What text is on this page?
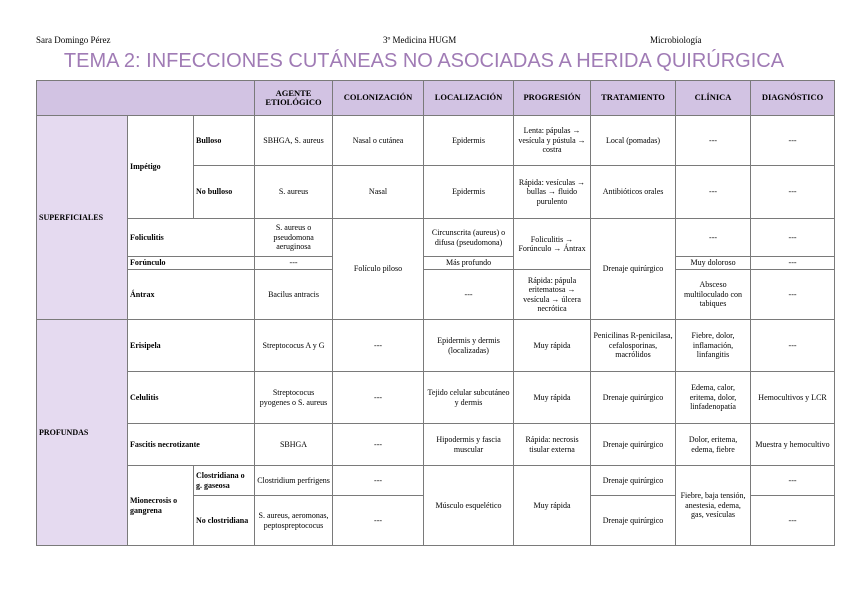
Sara Domingo Pérez	3º Medicina HUGM	Microbiología
TEMA 2: INFECCIONES CUTÁNEAS NO ASOCIADAS A HERIDA QUIRÚRGICA
			AGENTE ETIOLÓGICO	COLONIZACIÓN	LOCALIZACIÓN	PROGRESIÓN	TRATAMIENTO	CLÍNICA	DIAGNÓSTICO
SUPERFICIALES	Impétigo	Bulloso	SBHGA, S. aureus	Nasal o cutánea	Epidermis	Lenta: pápulas → vesícula y pústula → costra	Local (pomadas)	---	---
		No bulloso	S. aureus	Nasal	Epidermis	Rápida: vesículas → bullas → fluido purulento	Antibióticos orales	---	---
	Foliculitis		S. aureus o pseudomona aeruginosa	Folículo piloso	Circunscrita (aureus) o difusa (pseudomona)	Foliculitis → Forúnculo → Ántrax	Drenaje quirúrgico	---	---

	Forúnculo		---		Más profundo			Muy doloroso	---
	Ántrax		Bacilus antracis		---	Rápida: pápula eritematosa → vesícula → úlcera necrótica		Absceso multiloculado con tabiques	---
PROFUNDAS	Erisipela		Streptococus A y G	---	Epidermis y dermis (localizadas)	Muy rápida	Penicilinas R-penicilasa, cefalosporinas, macrólidos	Fiebre, dolor, inflamación, linfangitis	---
	Celulitis		Streptococus pyogenes o S. aureus	---	Tejido celular subcutáneo y dermis	Muy rápida	Drenaje quirúrgico	Edema, calor, eritema, dolor, linfadenopatía	Hemocultivos y LCR
	Fascitis necrotizante		SBHGA	---	Hipodermis y fascia muscular	Rápida: necrosis tisular externa	Drenaje quirúrgico	Dolor, eritema, edema, fiebre	Muestra y hemocultivo
	Mionecrosis o gangrena	Clostridiana o g. gaseosa	Clostridium perfrigens	---	Músculo esquelético	Muy rápida	Drenaje quirúrgico	Fiebre, baja tensión, anestesia, edema, gas, vesículas	---
		No clostridiana	S. aureus, aeromonas, peptospreptococus	---			Drenaje quirúrgico		---
